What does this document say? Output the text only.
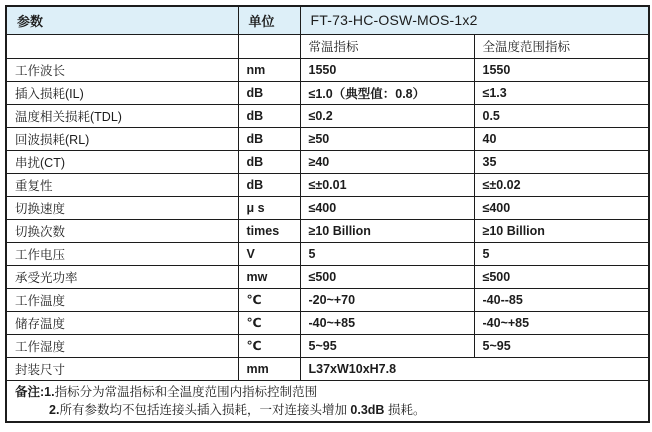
参数	单位	FT-73-HC-OSW-MOS-1x2	
		常温指标	全温度范围指标
工作波长	nm	1550	1550
插入损耗(IL)	dB	≤1.0（典型值：0.8）	≤1.3
温度相关损耗(TDL)	dB	≤0.2	0.5
回波损耗(RL)	dB	≥50	40
串扰(CT)	dB	≥40	35
重复性	dB	≤±0.01	≤±0.02
切换速度	μ s	≤400	≤400
切换次数	times	≥10 Billion	≥10 Billion
工作电压	V	5	5
承受光功率	mw	≤500	≤500
工作温度	℃	-20~+70	-40--85
储存温度	℃	-40~+85	-40~+85
工作湿度	℃	5~95	5~95
封装尺寸	mm	L37xW10xH7.8	

备注:1.指标分为常温指标和全温度范围内指标控制范围
2.所有参数均不包括连接头插入损耗，一对连接头增加 0.3dB 损耗。			
